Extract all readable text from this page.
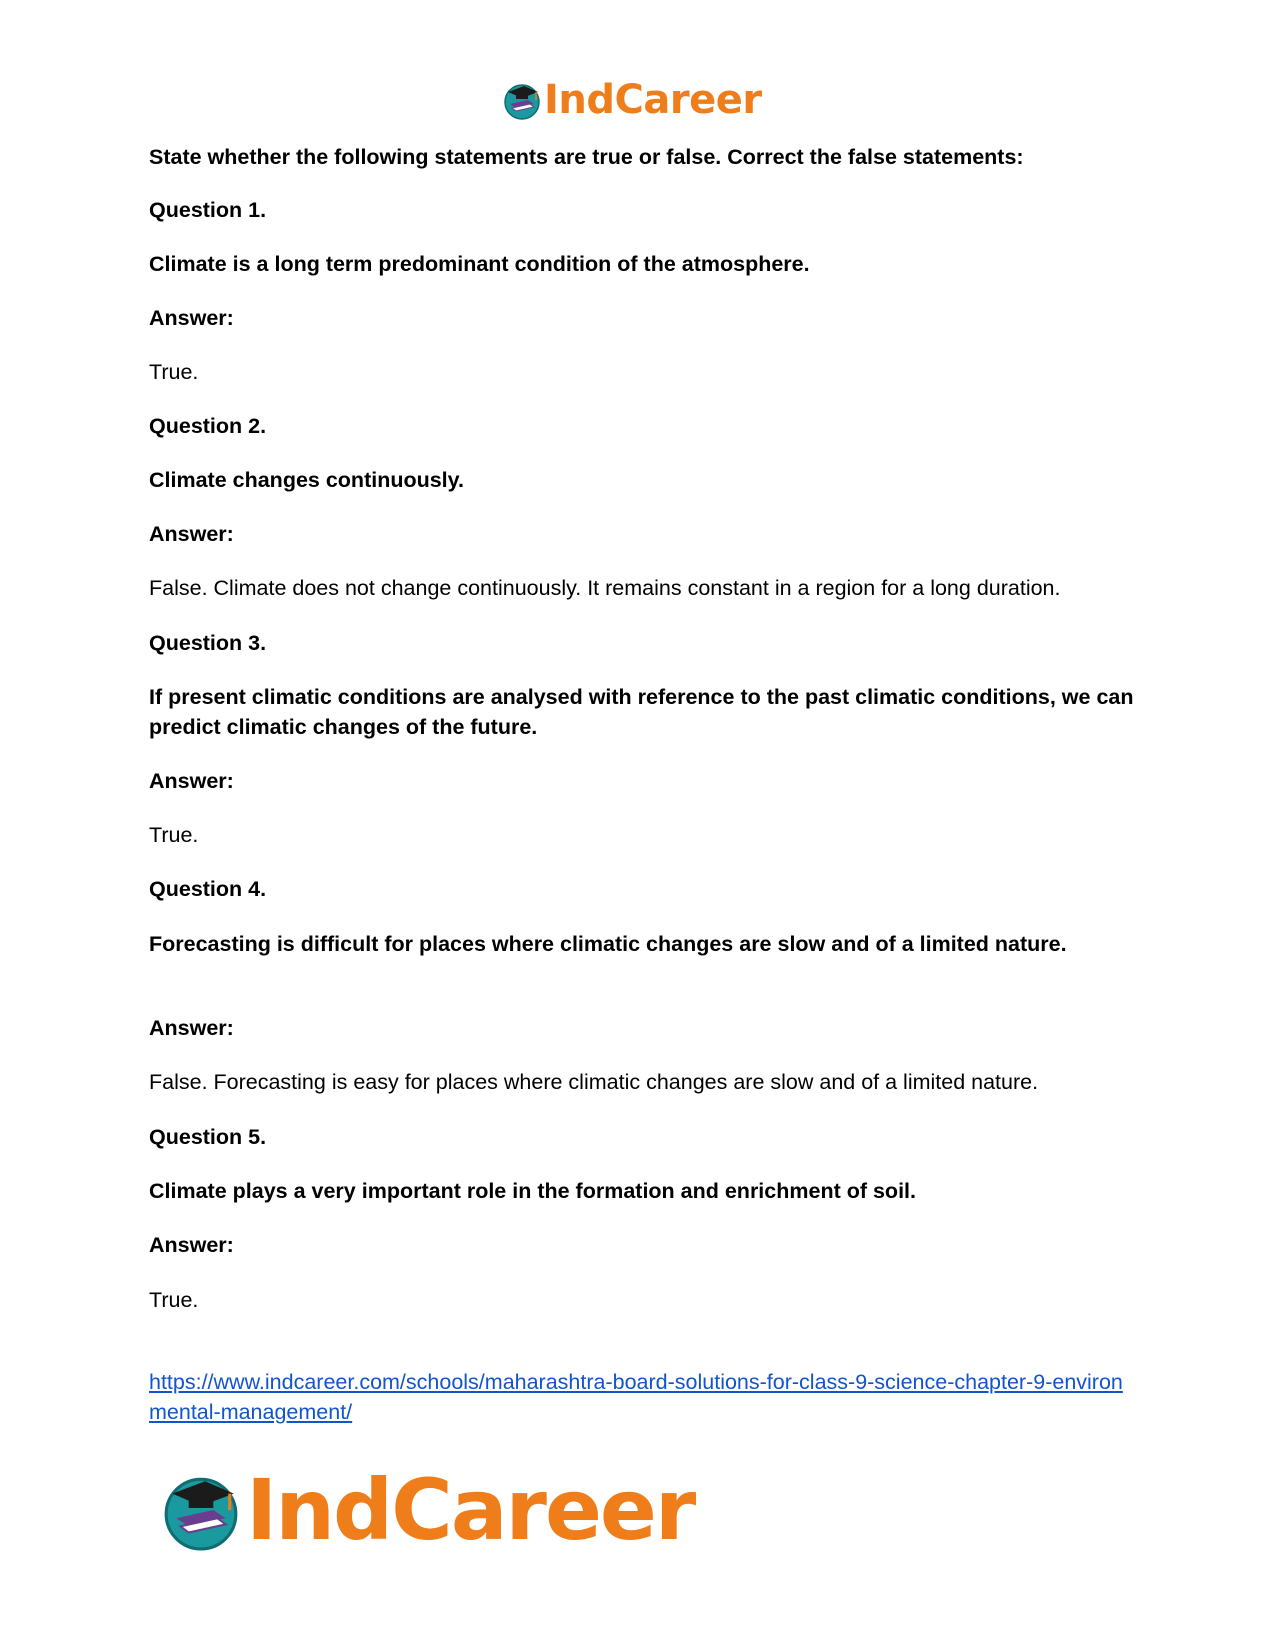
IndCareer
State whether the following statements are true or false. Correct the false statements:
Question 1.
Climate is a long term predominant condition of the atmosphere.
Answer:
True.
Question 2.
Climate changes continuously.
Answer:
False. Climate does not change continuously. It remains constant in a region for a long duration.
Question 3.
If present climatic conditions are analysed with reference to the past climatic conditions, we can predict climatic changes of the future.
Answer:
True.
Question 4.
Forecasting is difficult for places where climatic changes are slow and of a limited nature.
Answer:
False. Forecasting is easy for places where climatic changes are slow and of a limited nature.
Question 5.
Climate plays a very important role in the formation and enrichment of soil.
Answer:
True.
https://www.indcareer.com/schools/maharashtra-board-solutions-for-class-9-science-chapter-9-environmental-management/
IndCareer
